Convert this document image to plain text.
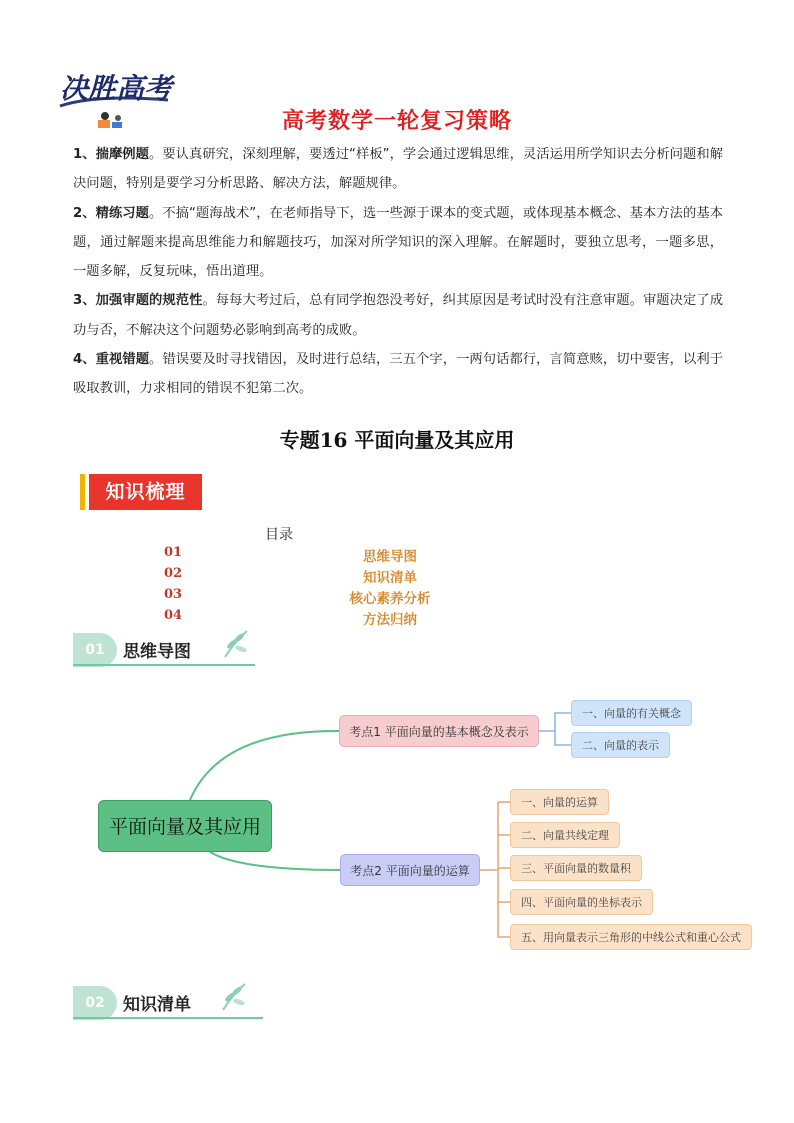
决胜高考
高考数学一轮复习策略

1、揣摩例题。要认真研究，深刻理解，要透过“样板”，学会通过逻辑思维，灵活运用所学知识去分析问题和解决问题，特别是要学习分析思路、解决方法，解题规律。

2、精练习题。不搞“题海战术”，在老师指导下，选一些源于课本的变式题，或体现基本概念、基本方法的基本题，通过解题来提高思维能力和解题技巧，加深对所学知识的深入理解。在解题时，要独立思考，一题多思，一题多解，反复玩味，悟出道理。

3、加强审题的规范性。每每大考过后，总有同学抱怨没考好，纠其原因是考试时没有注意审题。审题决定了成功与否，不解决这个问题势必影响到高考的成败。

4、重视错题。错误要及时寻找错因，及时进行总结，三五个字，一两句话都行，言简意赅，切中要害，以利于吸取教训，力求相同的错误不犯第二次。

专题16 平面向量及其应用
知识梳理
目录
01	思维导图
02	知识清单
03	核心素养分析
04	方法归纳
01	思维导图
平面向量及其应用
考点1 平面向量的基本概念及表示
考点2 平面向量的运算
一、向量的有关概念
二、向量的表示
一、向量的运算
二、向量共线定理
三、平面向量的数量积
四、平面向量的坐标表示
五、用向量表示三角形的中线公式和重心公式
02	知识清单
